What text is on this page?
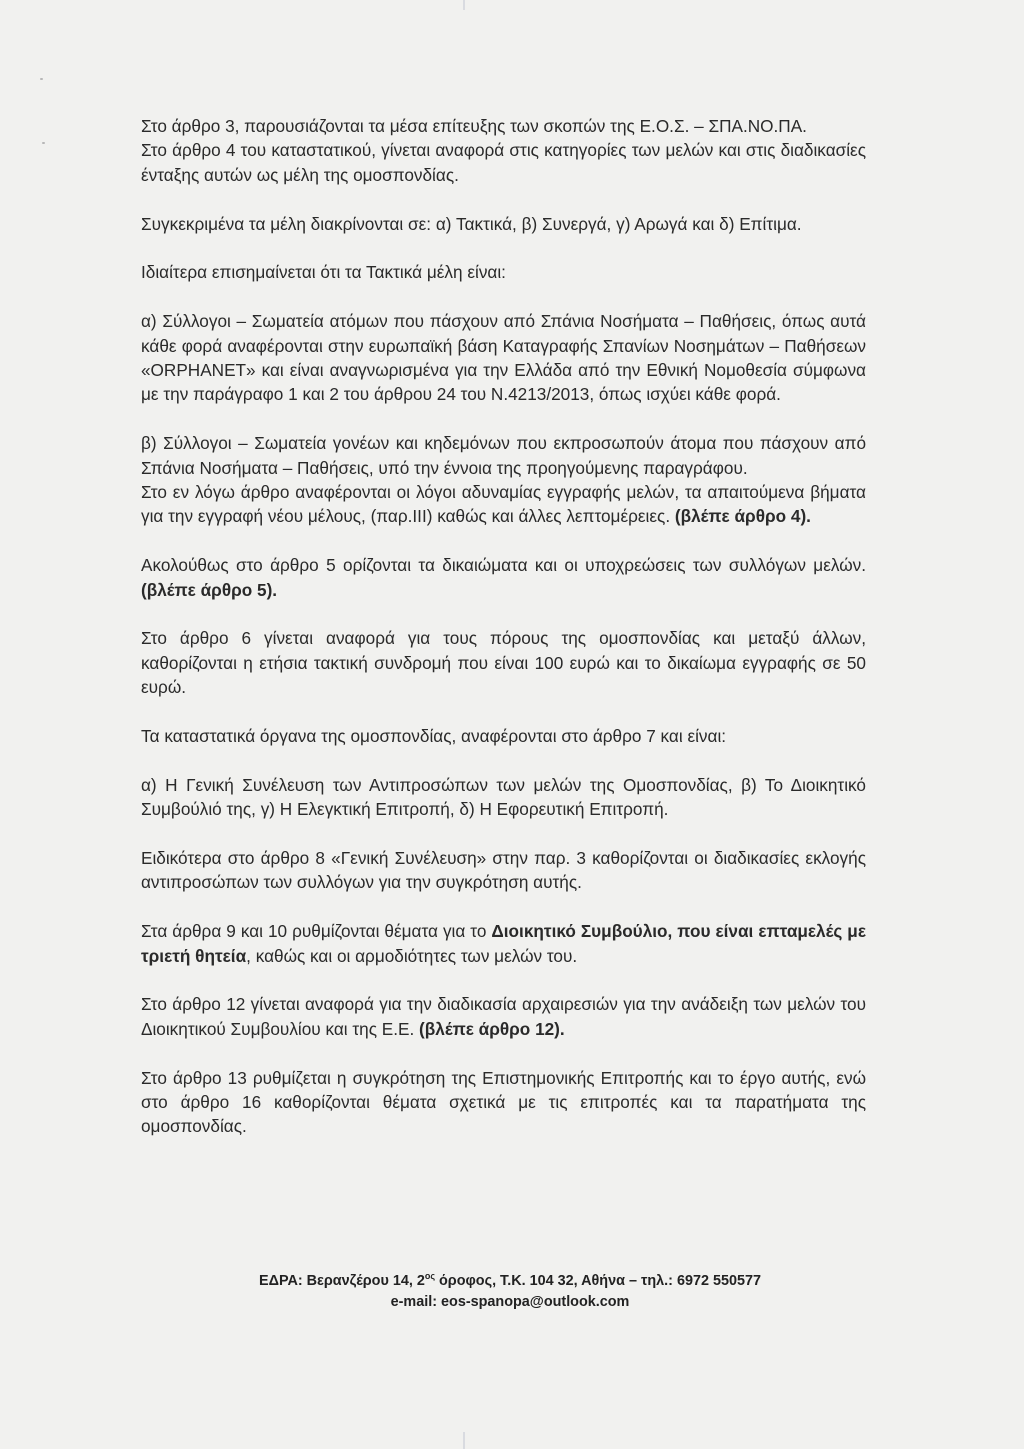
Στο άρθρο 3, παρουσιάζονται τα μέσα επίτευξης των σκοπών της Ε.Ο.Σ. – ΣΠΑ.ΝΟ.ΠΑ.

Στο άρθρο 4 του καταστατικού, γίνεται αναφορά στις κατηγορίες των μελών και στις διαδικασίες ένταξης αυτών ως μέλη της ομοσπονδίας.

Συγκεκριμένα τα μέλη διακρίνονται σε: α) Τακτικά, β) Συνεργά, γ) Αρωγά και δ) Επίτιμα.

Ιδιαίτερα επισημαίνεται ότι τα Τακτικά μέλη είναι:

α) Σύλλογοι – Σωματεία ατόμων που πάσχουν από Σπάνια Νοσήματα – Παθήσεις, όπως αυτά κάθε φορά αναφέρονται στην ευρωπαϊκή βάση Καταγραφής Σπανίων Νοσημάτων – Παθήσεων «ORPHANET» και είναι αναγνωρισμένα για την Ελλάδα από την Εθνική Νομοθεσία σύμφωνα με την παράγραφο 1 και 2 του άρθρου 24 του Ν.4213/2013, όπως ισχύει κάθε φορά.

β) Σύλλογοι – Σωματεία γονέων και κηδεμόνων που εκπροσωπούν άτομα που πάσχουν από Σπάνια Νοσήματα – Παθήσεις, υπό την έννοια της προηγούμενης παραγράφου.

Στο εν λόγω άρθρο αναφέρονται οι λόγοι αδυναμίας εγγραφής μελών, τα απαιτούμενα βήματα για την εγγραφή νέου μέλους, (παρ.ΙΙΙ) καθώς και άλλες λεπτομέρειες. (βλέπε άρθρο 4).

Ακολούθως στο άρθρο 5 ορίζονται τα δικαιώματα και οι υποχρεώσεις των συλλόγων μελών. (βλέπε άρθρο 5).

Στο άρθρο 6 γίνεται αναφορά για τους πόρους της ομοσπονδίας και μεταξύ άλλων, καθορίζονται η ετήσια τακτική συνδρομή που είναι 100 ευρώ και το δικαίωμα εγγραφής σε 50 ευρώ.

Τα καταστατικά όργανα της ομοσπονδίας, αναφέρονται στο άρθρο 7 και είναι:

α) Η Γενική Συνέλευση των Αντιπροσώπων των μελών της Ομοσπονδίας, β) Το Διοικητικό Συμβούλιό της, γ) Η Ελεγκτική Επιτροπή, δ) Η Εφορευτική Επιτροπή.

Ειδικότερα στο άρθρο 8 «Γενική Συνέλευση» στην παρ. 3 καθορίζονται οι διαδικασίες εκλογής αντιπροσώπων των συλλόγων για την συγκρότηση αυτής.

Στα άρθρα 9 και 10 ρυθμίζονται θέματα για το Διοικητικό Συμβούλιο, που είναι επταμελές με τριετή θητεία, καθώς και οι αρμοδιότητες των μελών του.

Στο άρθρο 12 γίνεται αναφορά για την διαδικασία αρχαιρεσιών για την ανάδειξη των μελών του Διοικητικού Συμβουλίου και της Ε.Ε. (βλέπε άρθρο 12).

Στο άρθρο 13 ρυθμίζεται η συγκρότηση της Επιστημονικής Επιτροπής και το έργο αυτής, ενώ στο άρθρο 16 καθορίζονται θέματα σχετικά με τις επιτροπές και τα παρατήματα της ομοσπονδίας.

ΕΔΡΑ: Βερανζέρου 14, $2^{o\varsigma}$ όροφος, Τ.Κ. 104 32, Αθήνα – τηλ.: 6972 550577
e-mail: eos-spanopa@outlook.com
